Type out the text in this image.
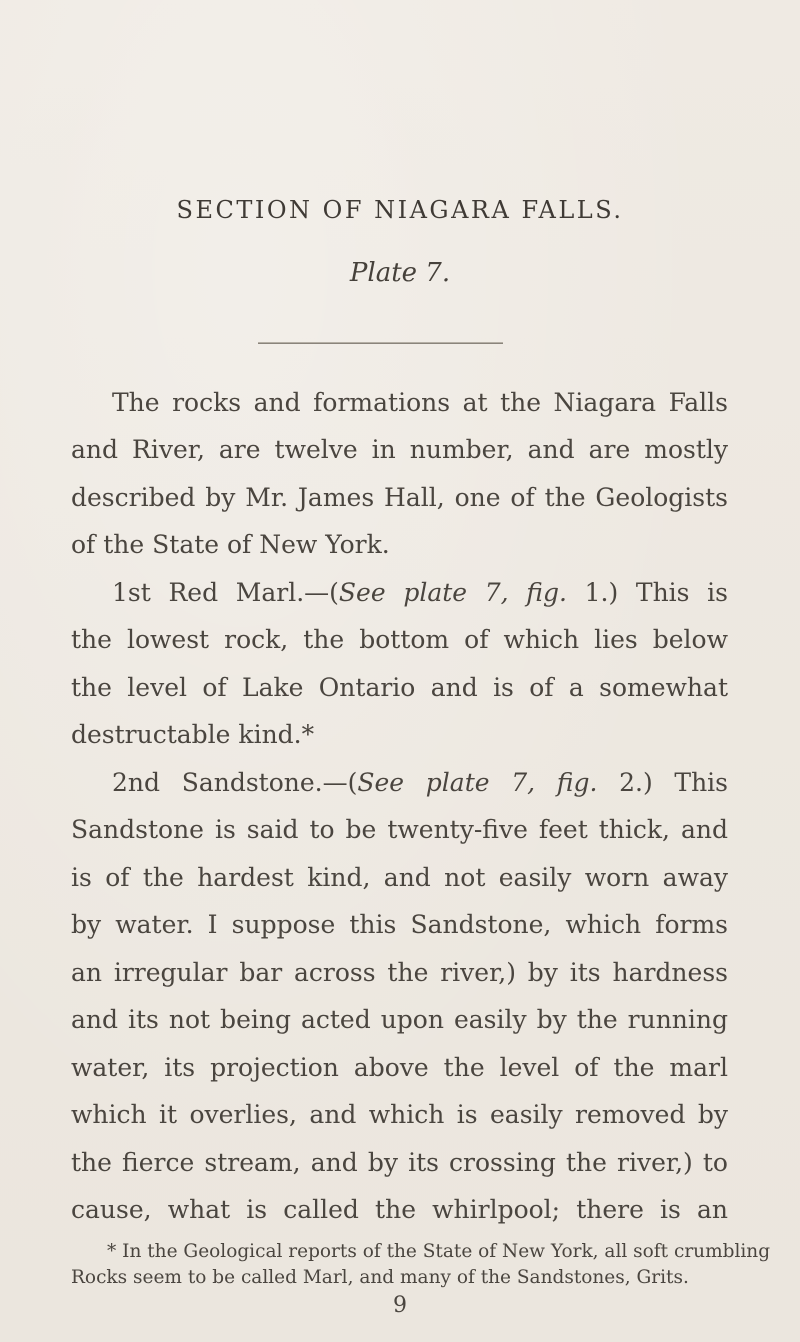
SECTION OF NIAGARA FALLS.
Plate 7.
The rocks and formations at the Niagara Falls
and River, are twelve in number, and are mostly
described by Mr. James Hall, one of the Geologists
of the State of New York.
1st Red Marl.—(See plate 7, fig. 1.) This is
the lowest rock, the bottom of which lies below
the level of Lake Ontario and is of a somewhat
destructable kind.*
2nd Sandstone.—(See plate 7, fig. 2.) This
Sandstone is said to be twenty-five feet thick, and
is of the hardest kind, and not easily worn away
by water. I suppose this Sandstone, which forms
an irregular bar across the river,) by its hardness
and its not being acted upon easily by the running
water, its projection above the level of the marl
which it overlies, and which is easily removed by
the fierce stream, and by its crossing the river,) to
cause, what is called the whirlpool; there is an
* In the Geological reports of the State of New York, all soft crumbling
Rocks seem to be called Marl, and many of the Sandstones, Grits.
9
